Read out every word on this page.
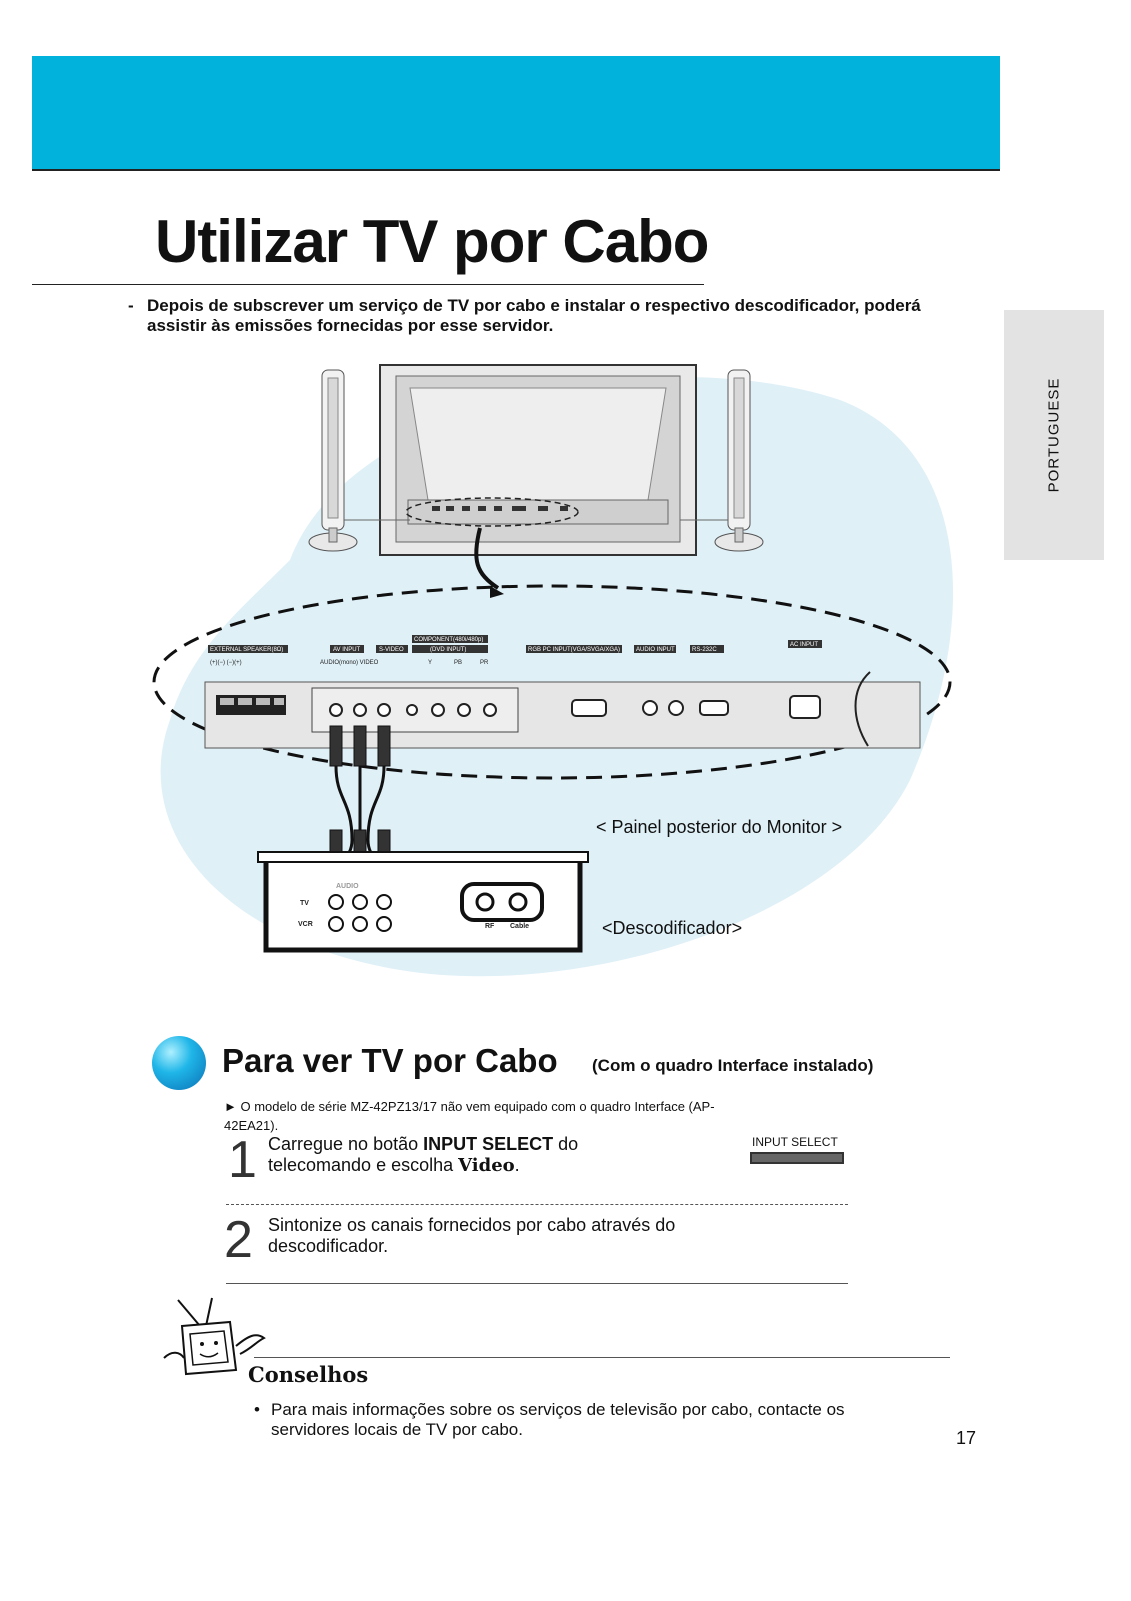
Utilizar TV por Cabo
- Depois de subscrever um serviço de TV por cabo e instalar o respectivo descodificador, poderá assistir às emissões fornecidas por esse servidor.
PORTUGUESE
EXTERNAL SPEAKER(8Ω)	AV INPUT	S-VIDEO
COMPONENT(480i/480p)
(DVD INPUT)	RGB PC INPUT(VGA/SVGA/XGA)	AUDIO INPUT	RS-232C
AC INPUT
(+)(−) (−)(+)	AUDIO(mono) VIDEO	Y	PB	PR
TV
VCR
AUDIO
RF Cable
< Painel posterior do Monitor >
<Descodificador>
Para ver TV por Cabo (Com o quadro Interface instalado)
► O modelo de série MZ-42PZ13/17 não vem equipado com o quadro Interface (AP-42EA21).
1 Carregue no botão INPUT SELECT do telecomando e escolha Video.
INPUT SELECT
2 Sintonize os canais fornecidos por cabo através do descodificador.
Conselhos
• Para mais informações sobre os serviços de televisão por cabo, contacte os servidores locais de TV por cabo.	17
